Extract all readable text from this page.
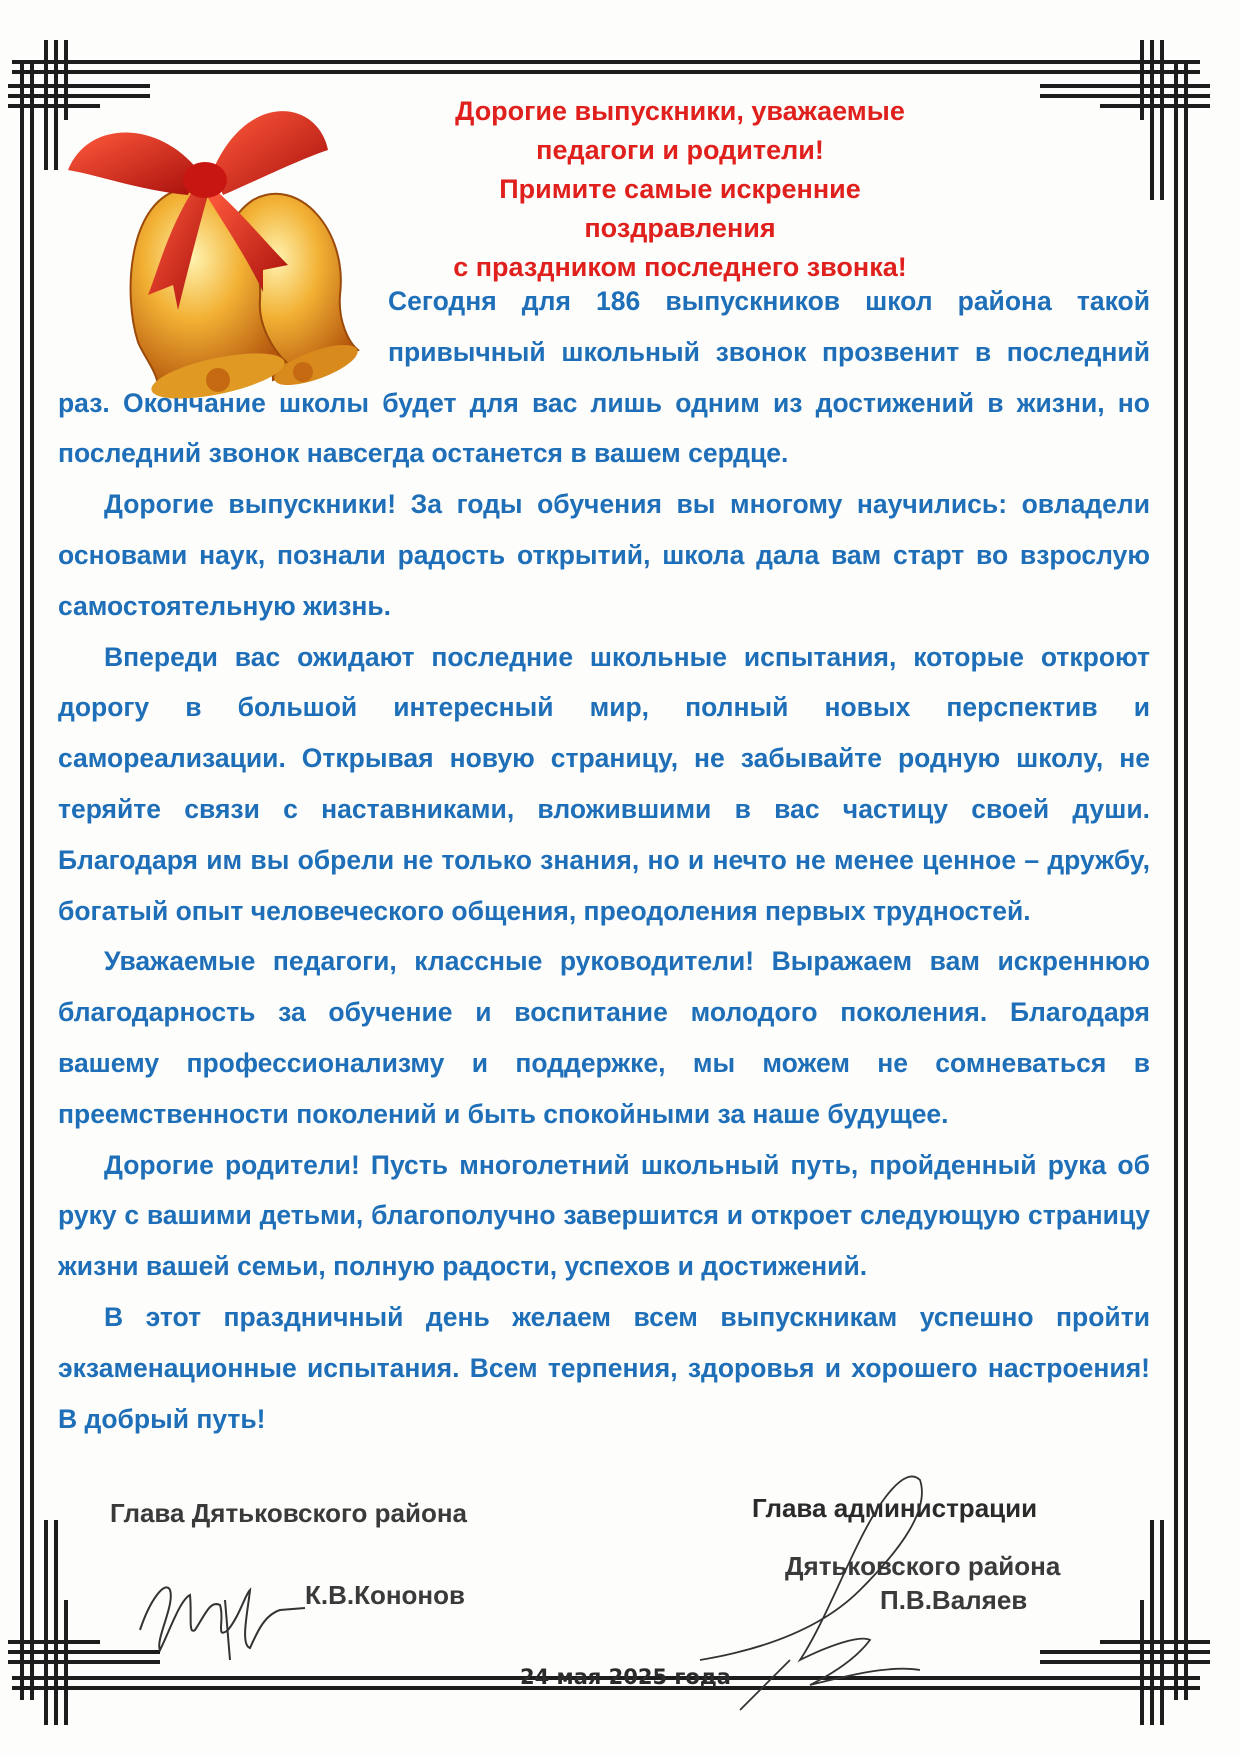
Дорогие выпускники, уважаемые
педагоги и родители!
Примите самые искренние
поздравления
с праздником последнего звонка!

Сегодня для 186 выпускников школ района такой привычный школьный звонок прозвенит в последний раз. Окончание школы будет для вас лишь одним из достижений в жизни, но последний звонок навсегда останется в вашем сердце.

Дорогие выпускники! За годы обучения вы многому научились: овладели основами наук, познали радость открытий, школа дала вам старт во взрослую самостоятельную жизнь.

Впереди вас ожидают последние школьные испытания, которые откроют дорогу в большой интересный мир, полный новых перспектив и самореализации. Открывая новую страницу, не забывайте родную школу, не теряйте связи с наставниками, вложившими в вас частицу своей души. Благодаря им вы обрели не только знания, но и нечто не менее ценное – дружбу, богатый опыт человеческого общения, преодоления первых трудностей.

Уважаемые педагоги, классные руководители! Выражаем вам искреннюю благодарность за обучение и воспитание молодого поколения. Благодаря вашему профессионализму и поддержке, мы можем не сомневаться в преемственности поколений и быть спокойными за наше будущее.

Дорогие родители! Пусть многолетний школьный путь, пройденный рука об руку с вашими детьми, благополучно завершится и откроет следующую страницу жизни вашей семьи, полную радости, успехов и достижений.

В этот праздничный день желаем всем выпускникам успешно пройти экзаменационные испытания. Всем терпения, здоровья и хорошего настроения! В добрый путь!

Глава Дятьковского района
К.В.Кононов
Глава администрации
Дятьковского района
П.В.Валяев
24 мая 2025 года
